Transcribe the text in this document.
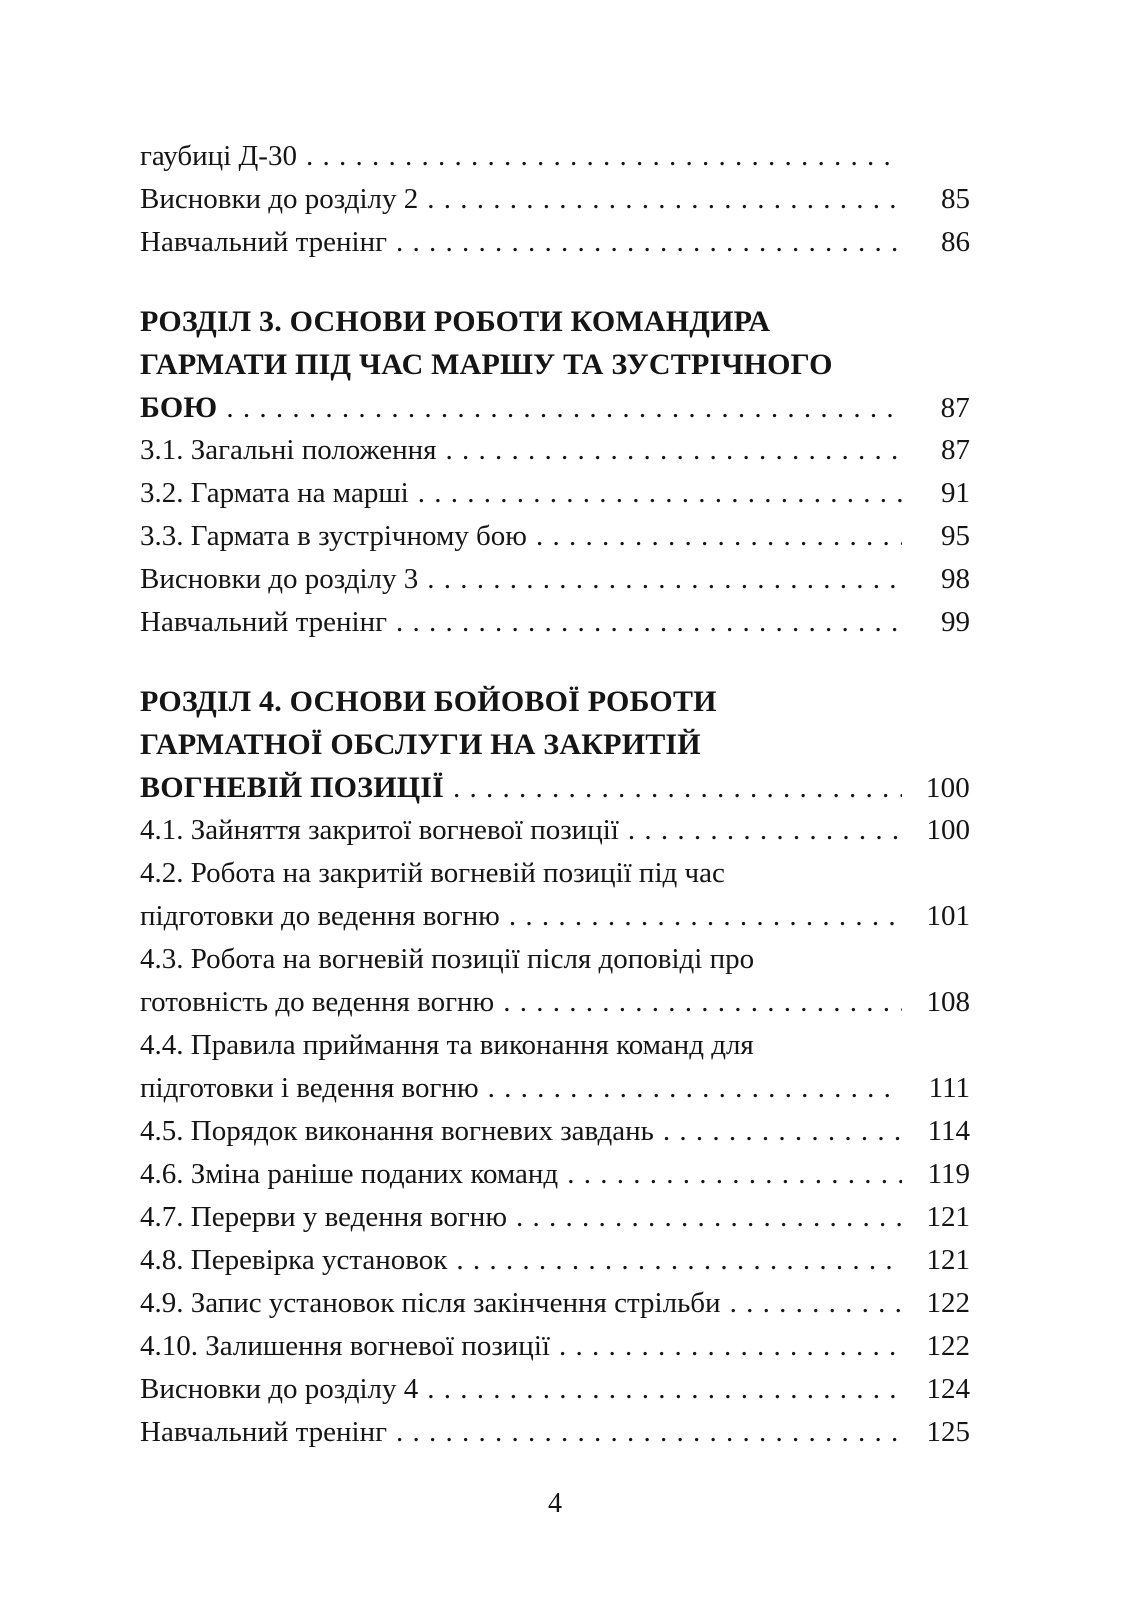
гаубиці Д-30
. . .
Висновки до розділу 2 . . .	85
Навчальний тренінг . . .	86
РОЗДІЛ 3. ОСНОВИ РОБОТИ КОМАНДИРА
ГАРМАТИ ПІД ЧАС МАРШУ ТА ЗУСТРІЧНОГО
БОЮ . . .	87
3.1. Загальні положення . . .	87
3.2. Гармата на марші . . .	91
3.3. Гармата в зустрічному бою . . .	95
Висновки до розділу 3 . . .	98
Навчальний тренінг . . .	99
РОЗДІЛ 4. ОСНОВИ БОЙОВОЇ РОБОТИ
ГАРМАТНОЇ ОБСЛУГИ НА ЗАКРИТІЙ
ВОГНЕВІЙ ПОЗИЦІЇ . . .	100
4.1. Зайняття закритої вогневої позиції . . .	100
4.2. Робота на закритій вогневій позиції під час
підготовки до ведення вогню . . .	101
4.3. Робота на вогневій позиції після доповіді про
готовність до ведення вогню . . .	108
4.4. Правила приймання та виконання команд для
підготовки і ведення вогню . . .	111
4.5. Порядок виконання вогневих завдань . . .	114
4.6. Зміна раніше поданих команд . . .	119
4.7. Перерви у ведення вогню . . .	121
4.8. Перевірка установок . . .	121
4.9. Запис установок після закінчення стрільби . . .	122
4.10. Залишення вогневої позиції . . .	122
Висновки до розділу 4 . . .	124
Навчальний тренінг . . .	125
4
